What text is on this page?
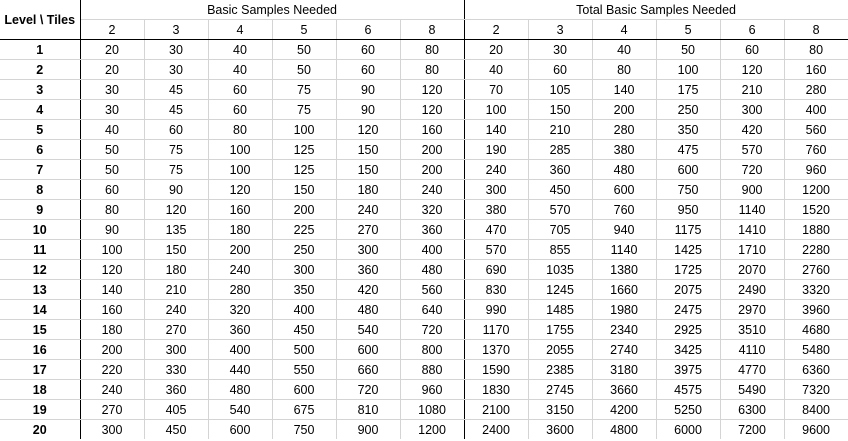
Level \ Tiles	Basic Samples Needed						Total Basic Samples Needed					
	2	3	4	5	6	8	2	3	4	5	6	8
1	20	30	40	50	60	80	20	30	40	50	60	80
2	20	30	40	50	60	80	40	60	80	100	120	160
3	30	45	60	75	90	120	70	105	140	175	210	280
4	30	45	60	75	90	120	100	150	200	250	300	400
5	40	60	80	100	120	160	140	210	280	350	420	560
6	50	75	100	125	150	200	190	285	380	475	570	760
7	50	75	100	125	150	200	240	360	480	600	720	960
8	60	90	120	150	180	240	300	450	600	750	900	1200
9	80	120	160	200	240	320	380	570	760	950	1140	1520
10	90	135	180	225	270	360	470	705	940	1175	1410	1880
11	100	150	200	250	300	400	570	855	1140	1425	1710	2280
12	120	180	240	300	360	480	690	1035	1380	1725	2070	2760
13	140	210	280	350	420	560	830	1245	1660	2075	2490	3320
14	160	240	320	400	480	640	990	1485	1980	2475	2970	3960
15	180	270	360	450	540	720	1170	1755	2340	2925	3510	4680
16	200	300	400	500	600	800	1370	2055	2740	3425	4110	5480
17	220	330	440	550	660	880	1590	2385	3180	3975	4770	6360
18	240	360	480	600	720	960	1830	2745	3660	4575	5490	7320
19	270	405	540	675	810	1080	2100	3150	4200	5250	6300	8400
20	300	450	600	750	900	1200	2400	3600	4800	6000	7200	9600
